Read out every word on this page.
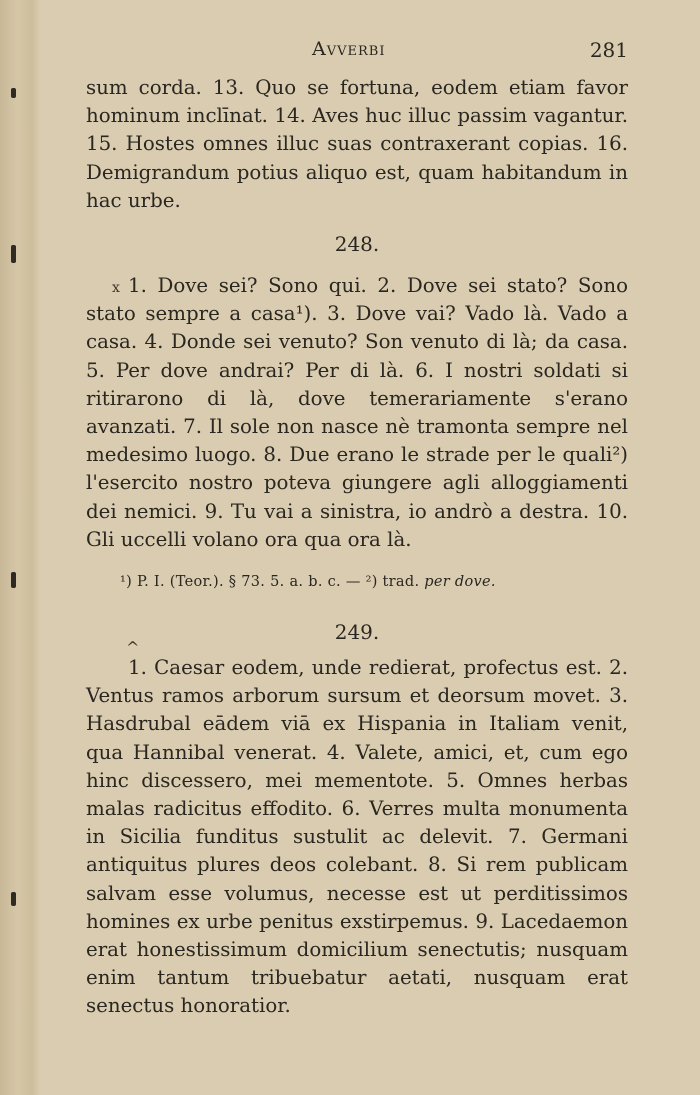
Avverbi	281

sum corda. 13. Quo se fortuna, eodem etiam favor hominum inclīnat. 14. Aves huc illuc passim vagantur. 15. Hostes omnes illuc suas contraxerant copias. 16. Demigrandum potius aliquo est, quam habitandum in hac urbe.

248.
x 1. Dove sei? Sono qui. 2. Dove sei stato? Sono stato sempre a casa¹). 3. Dove vai? Vado là. Vado a casa. 4. Donde sei venuto? Son venuto di là; da casa. 5. Per dove andrai? Per di là. 6. I nostri soldati si ritirarono di là, dove temerariamente s'erano avanzati. 7. Il sole non nasce nè tramonta sempre nel medesimo luogo. 8. Due erano le strade per le quali²) l'esercito nostro poteva giungere agli alloggiamenti dei nemici. 9. Tu vai a sinistra, io andrò a destra. 10. Gli uccelli volano ora qua ora là.

¹) P. I. (Teor.). § 73. 5. a. b. c. — ²) trad. per dove.
249.
^

1. Caesar eodem, unde redierat, profectus est. 2. Ventus ramos arborum sursum et deorsum movet. 3. Hasdrubal eādem viā ex Hispania in Italiam venit, qua Hannibal venerat. 4. Valete, amici, et, cum ego hinc discessero, mei mementote. 5. Omnes herbas malas radicitus effodito. 6. Verres multa monumenta in Sicilia funditus sustulit ac delevit. 7. Germani antiquitus plures deos colebant. 8. Si rem publicam salvam esse volumus, necesse est ut perditissimos homines ex urbe penitus exstirpemus. 9. Lacedaemon erat honestissimum domicilium senectutis; nusquam enim tantum tribuebatur aetati, nusquam erat senectus honoratior.
